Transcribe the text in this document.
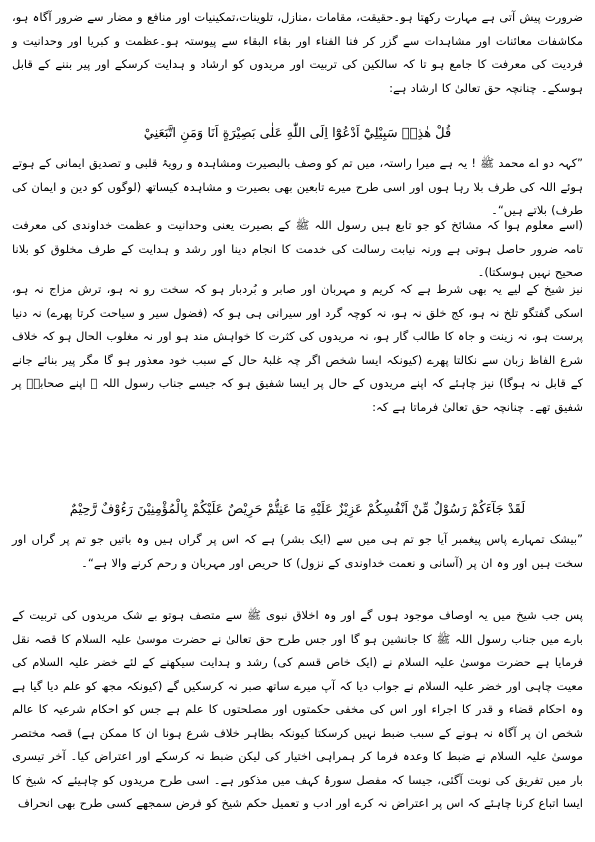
ضرورت پیش آتی ہے مہارت رکھتا ہو۔حقیقت، مقامات ،منازل، تلوینات،تمکینیات اور منافع و مضار سے ضرور آگاہ ہو، مکاشفات معائنات اور مشاہدات سے گزر کر فنا الفناء اور بقاء البقاء سے پیوستہ ہو۔عظمت و کبریا اور وحدانیت و فردیت کی معرفت کا جامع ہو تا کہ سالکین کی تربیت اور مریدوں کو ارشاد و ہدایت کرسکے اور پیر بننے کے قابل ہوسکے۔ چنانچہ حق تعالیٰ کا ارشاد ہے:

قُلْ هٰذِهٖ سَبِيْلِيْٓ اَدْعُوْٓا اِلَى اللّٰهِ عَلٰى بَصِيْرَةٍ اَنَا وَمَنِ اتَّبَعَنِيْ

”کہہ دو اے محمد ﷺ ! یہ ہے میرا راستہ، میں تم کو وصف بالبصیرت ومشاہدہ و رویۂ قلبی و تصدیق ایمانی کے ہوتے ہوئے اللہ کی طرف بلا رہا ہوں اور اسی طرح میرے تابعین بھی بصیرت و مشاہدہ کیساتھ (لوگوں کو دین و ایمان کی طرف) بلاتے ہیں“۔

(اسے معلوم ہوا کہ مشائخ کو جو تابع ہیں رسول اللہ ﷺ کے بصیرت یعنی وحدانیت و عظمت خداوندی کی معرفت تامہ ضرور حاصل ہوتی ہے ورنہ نیابت رسالت کی خدمت کا انجام دینا اور رشد و ہدایت کے طرف مخلوق کو بلانا صحیح نہیں ہوسکتا)۔

نیز شیخ کے لیے یہ بھی شرط ہے کہ کریم و مہربان اور صابر و بُردبار ہو کہ سخت رو نہ ہو، ترش مزاج نہ ہو، اسکی گفتگو تلخ نہ ہو، کج خلق نہ ہو، نہ کوچہ گرد اور سیرانی ہی ہو کہ (فضول سیر و سیاحت کرتا پھرے) نہ دنیا پرست ہو، نہ زینت و جاہ کا طالب گار ہو، نہ مریدوں کی کثرت کا خواہش مند ہو اور نہ مغلوب الحال ہو کہ خلاف شرع الفاظ زبان سے نکالتا پھرے (کیونکہ ایسا شخص اگر چہ غلبۂ حال کے سبب خود معذور ہو گا مگر پیر بنائے جانے کے قابل نہ ہوگا) نیز چاہئے کہ اپنے مریدوں کے حال پر ایسا شفیق ہو کہ جیسے جناب رسول اللہ ﷺ اپنے صحابہؓ پر شفیق تھے۔ چنانچہ حق تعالیٰ فرماتا ہے کہ:

لَقَدْ جَآءَكُمْ رَسُوْلٌ مِّنْ اَنْفُسِكُمْ عَزِيْزٌ عَلَيْهِ مَا عَنِتُّمْ حَرِيْصٌ عَلَيْكُمْ بِالْمُؤْمِنِيْنَ رَءُوْفٌ رَّحِيْمٌ

”بیشک تمہارے پاس پیغمبر آیا جو تم ہی میں سے (ایک بشر) ہے کہ اس پر گراں ہیں وہ باتیں جو تم پر گراں اور سخت ہیں اور وہ ان پر (آسانی و نعمت خداوندی کے نزول) کا حریص اور مہربان و رحم کرنے والا ہے“۔

پس جب شیخ میں یہ اوصاف موجود ہوں گے اور وہ اخلاق نبوی ﷺ سے متصف ہوتو بے شک مریدوں کی تربیت کے بارے میں جناب رسول اللہ ﷺ کا جانشین ہو گا اور جس طرح حق تعالیٰ نے حضرت موسیٰ علیہ السلام کا قصہ نقل فرمایا ہے حضرت موسیٰ علیہ السلام نے (ایک خاص قسم کی) رشد و ہدایت سیکھنے کے لئے خضر علیہ السلام کی معیت چاہی اور خضر علیہ السلام نے جواب دیا کہ آپ میرے ساتھ صبر نہ کرسکیں گے (کیونکہ مجھ کو علم دیا گیا ہے وہ احکام قضاء و قدر کا اجراء اور اس کی مخفی حکمتوں اور مصلحتوں کا علم ہے جس کو احکام شرعیہ کا عالم شخص ان پر آگاہ نہ ہونے کے سبب ضبط نہیں کرسکتا کیونکہ بظاہر خلاف شرع ہونا ان کا ممکن ہے) قصہ مختصر موسیٰ علیہ السلام نے ضبط کا وعدہ فرما کر ہمراہی اختیار کی لیکن ضبط نہ کرسکے اور اعتراض کیا۔ آخر تیسری بار میں تفریق کی نوبت آگئی، جیسا کہ مفصل سورۂ کہف میں مذکور ہے۔ اسی طرح مریدوں کو چاہیئے کہ شیخ کا ایسا اتباع کرنا چاہئے کہ اس پر اعتراض نہ کرے اور ادب و تعمیل حکم شیخ کو فرض سمجھے کسی طرح بھی انحراف
